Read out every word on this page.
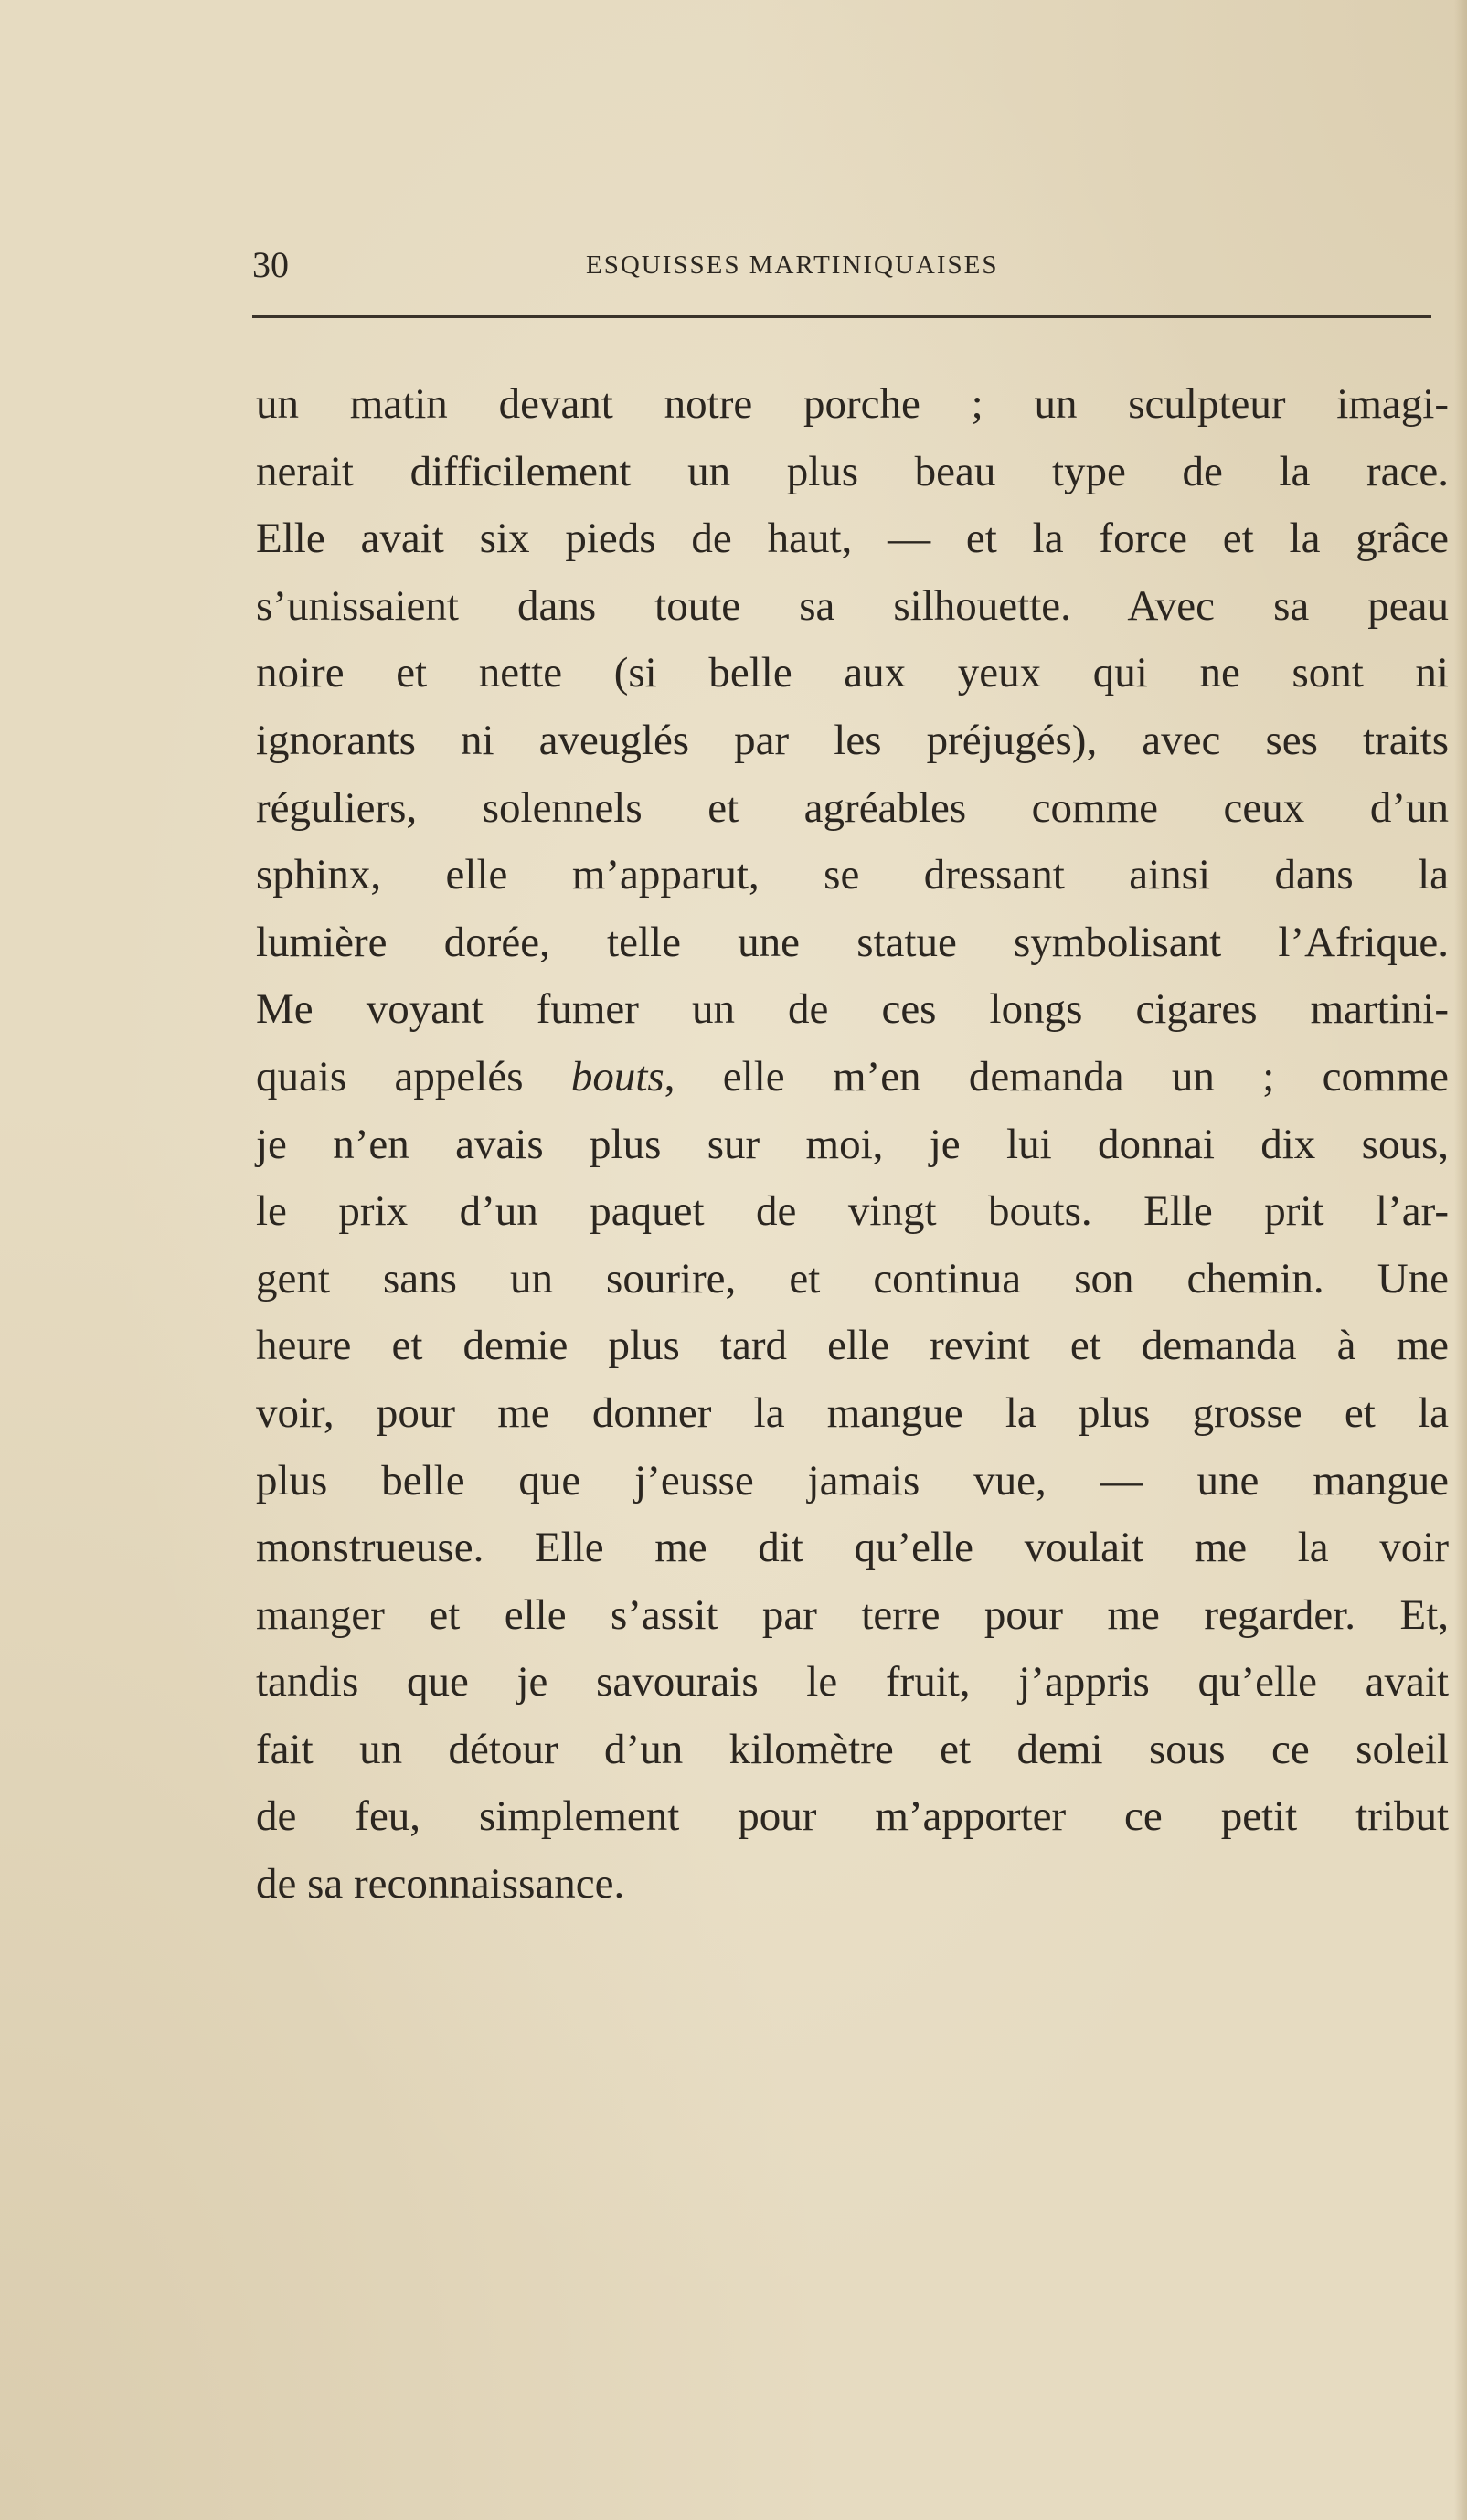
30	ESQUISSES MARTINIQUAISES
un matin devant notre porche ; un sculpteur imagi-
nerait difficilement un plus beau type de la race.
Elle avait six pieds de haut, — et la force et la grâce
s’unissaient dans toute sa silhouette. Avec sa peau
noire et nette (si belle aux yeux qui ne sont ni
ignorants ni aveuglés par les préjugés), avec ses traits
réguliers, solennels et agréables comme ceux d’un
sphinx, elle m’apparut, se dressant ainsi dans la
lumière dorée, telle une statue symbolisant l’Afrique.
Me voyant fumer un de ces longs cigares martini-
quais appelés bouts, elle m’en demanda un ; comme
je n’en avais plus sur moi, je lui donnai dix sous,
le prix d’un paquet de vingt bouts. Elle prit l’ar-
gent sans un sourire, et continua son chemin. Une
heure et demie plus tard elle revint et demanda à me
voir, pour me donner la mangue la plus grosse et la
plus belle que j’eusse jamais vue, — une mangue
monstrueuse. Elle me dit qu’elle voulait me la voir
manger et elle s’assit par terre pour me regarder. Et,
tandis que je savourais le fruit, j’appris qu’elle avait
fait un détour d’un kilomètre et demi sous ce soleil
de feu, simplement pour m’apporter ce petit tribut
de sa reconnaissance.
